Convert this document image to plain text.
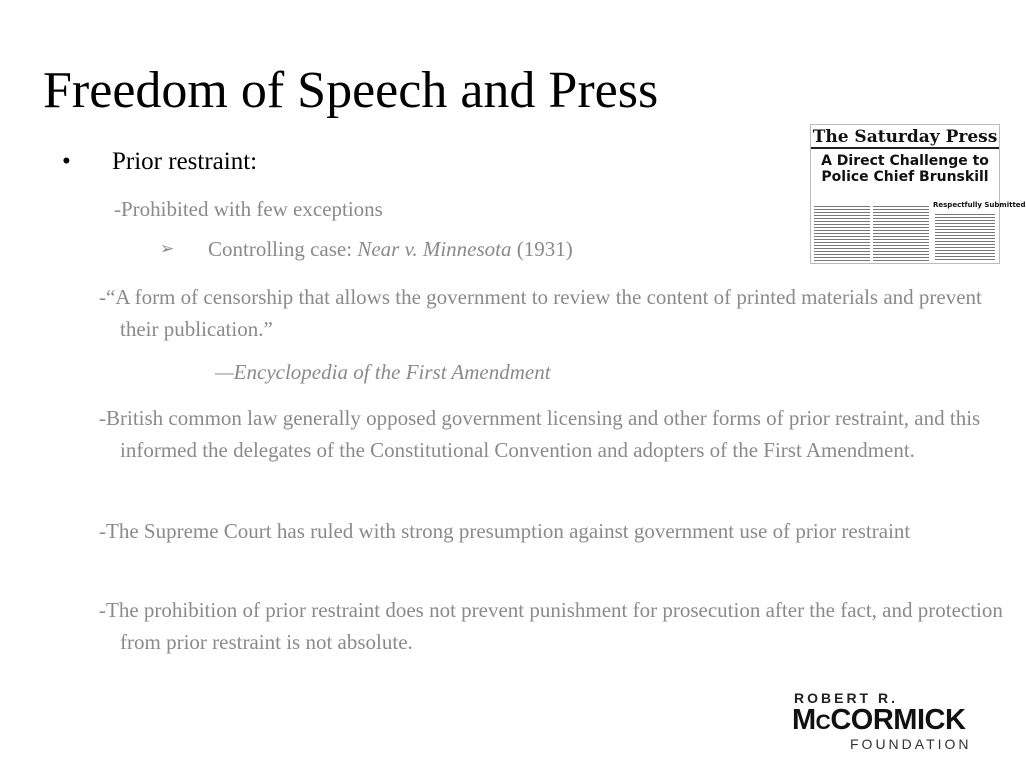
Freedom of Speech and Press
• Prior restraint:
-Prohibited with few exceptions
➢ Controlling case: Near v. Minnesota (1931)

-“A form of censorship that allows the government to review the content of printed materials and prevent their publication.”

—Encyclopedia of the First Amendment

-British common law generally opposed government licensing and other forms of prior restraint, and this informed the delegates of the Constitutional Convention and adopters of the First Amendment.

-The Supreme Court has ruled with strong presumption against government use of prior restraint

-The prohibition of prior restraint does not prevent punishment for prosecution after the fact, and protection from prior restraint is not absolute.

The Saturday Press
A Direct Challenge to
Police Chief Brunskill
Respectfully Submitted
ROBERT R.
MCCORMICK
FOUNDATION
